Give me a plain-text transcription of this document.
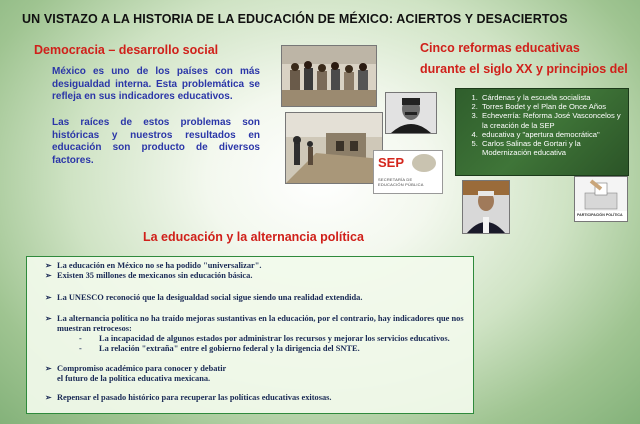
UN VISTAZO A LA HISTORIA DE LA EDUCACIÓN DE MÉXICO: ACIERTOS Y DESACIERTOS
Democracia – desarrollo social
México es uno de los países con más desigualdad interna. Esta problemática se refleja en sus indicadores educativos.
Las raíces de estos problemas son históricas y nuestros resultados en educación son producto de diversos factores.
Cinco reformas educativas
durante el siglo XX y principios del
SEP
SECRETARÍA DE
EDUCACIÓN PÚBLICA
1. Cárdenas y la escuela socialista
2. Torres Bodet y el Plan de Once Años
3. Echeverría: Reforma José Vasconcelos y la creación de la SEP
4. educativa y "apertura democrática"
5. Carlos Salinas de Gortari y la Modernización educativa
PARTICIPACIÓN POLÍTICA
La educación y la alternancia política
➢ La educación en México no se ha podido "universalizar".
➢ Existen 35 millones de mexicanos sin educación básica.
➢ La UNESCO reconoció que la desigualdad social sigue siendo una realidad extendida.
➢ La alternancia política no ha traído mejoras sustantivas en la educación, por el contrario, hay indicadores que nos
muestran retrocesos:
- La incapacidad de algunos estados por administrar los recursos y mejorar los servicios educativos.
- La relación "extraña" entre el gobierno federal y la dirigencia del SNTE.
➢ Compromiso académico para conocer y debatir
el futuro de la política educativa mexicana.
➢ Repensar el pasado histórico para recuperar las políticas educativas exitosas.
